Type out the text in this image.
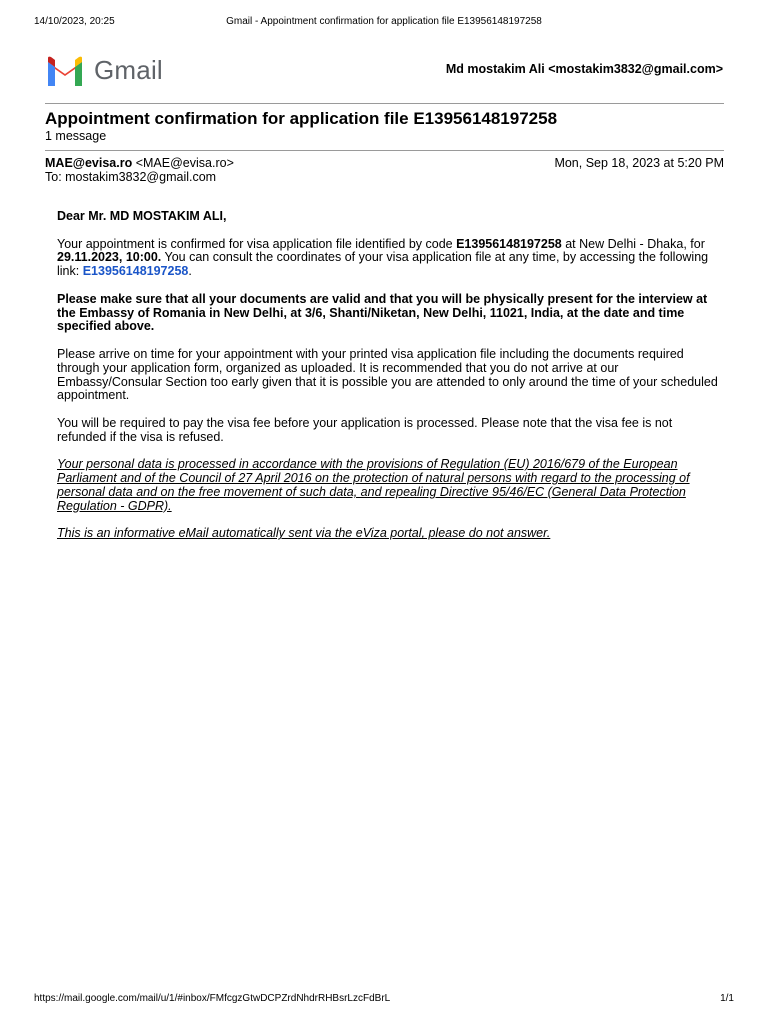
14/10/2023, 20:25	Gmail - Appointment confirmation for application file E13956148197258
Gmail	Md mostakim Ali <mostakim3832@gmail.com>
Appointment confirmation for application file E13956148197258
1 message
MAE@evisa.ro <MAE@evisa.ro>	Mon, Sep 18, 2023 at 5:20 PM
To: mostakim3832@gmail.com

Dear Mr. MD MOSTAKIM ALI,

Your appointment is confirmed for visa application file identified by code E13956148197258 at New Delhi - Dhaka, for 29.11.2023, 10:00. You can consult the coordinates of your visa application file at any time, by accessing the following link: E13956148197258.

Please make sure that all your documents are valid and that you will be physically present for the interview at the Embassy of Romania in New Delhi, at 3/6, Shanti/Niketan, New Delhi, 11021, India, at the date and time specified above.

Please arrive on time for your appointment with your printed visa application file including the documents required through your application form, organized as uploaded. It is recommended that you do not arrive at our Embassy/Consular Section too early given that it is possible you are attended to only around the time of your scheduled appointment.

You will be required to pay the visa fee before your application is processed. Please note that the visa fee is not refunded if the visa is refused.

Your personal data is processed in accordance with the provisions of Regulation (EU) 2016/679 of the European Parliament and of the Council of 27 April 2016 on the protection of natural persons with regard to the processing of personal data and on the free movement of such data, and repealing Directive 95/46/EC (General Data Protection Regulation - GDPR).

This is an informative eMail automatically sent via the eViza portal, please do not answer.

https://mail.google.com/mail/u/1/#inbox/FMfcgzGtwDCPZrdNhdrRHBsrLzcFdBrL	1/1
